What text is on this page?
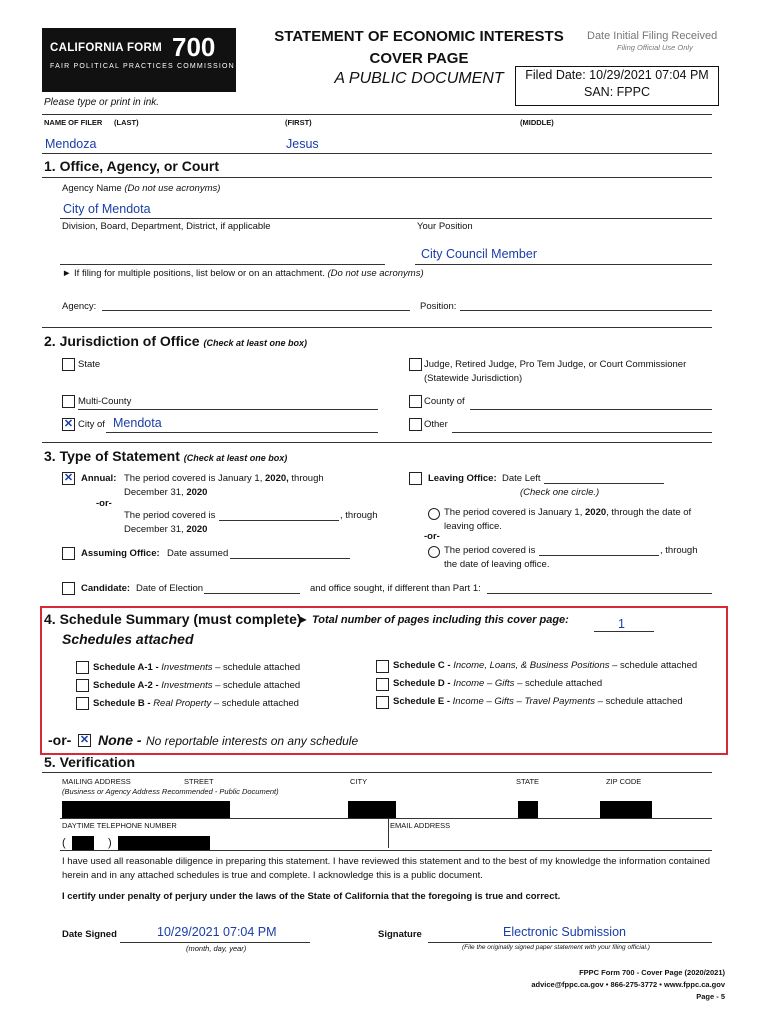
CALIFORNIA FORM 700
FAIR POLITICAL PRACTICES COMMISSION
STATEMENT OF ECONOMIC INTERESTS
COVER PAGE
A PUBLIC DOCUMENT
Date Initial Filing Received
Filing Official Use Only
Filed Date: 10/29/2021 07:04 PM
SAN: FPPC
Please type or print in ink.
NAME OF FILER (LAST)	(FIRST)	(MIDDLE)
Mendoza	Jesus
1. Office, Agency, or Court
Agency Name (Do not use acronyms)
City of Mendota
Division, Board, Department, District, if applicable	Your Position
City Council Member
► If filing for multiple positions, list below or on an attachment. (Do not use acronyms)
Agency:	Position:
2. Jurisdiction of Office (Check at least one box)
State	Judge, Retired Judge, Pro Tem Judge, or Court Commissioner
(Statewide Jurisdiction)
Multi-County	County of
✕ City of Mendota	Other
3. Type of Statement (Check at least one box)
✕ Annual: The period covered is January 1, 2020, through
December 31, 2020
-or-
The period covered is	, through
December 31, 2020
Leaving Office: Date Left
(Check one circle.)
The period covered is January 1, 2020, through the date of
leaving office.
-or-
The period covered is	, through
the date of leaving office.
Assuming Office: Date assumed
Candidate: Date of Election	and office sought, if different than Part 1:
4. Schedule Summary (must complete)
► Total number of pages including this cover page:	1
Schedules attached
Schedule A-1 - Investments – schedule attached
Schedule A-2 - Investments – schedule attached
Schedule B - Real Property – schedule attached
Schedule C - Income, Loans, & Business Positions – schedule attached
Schedule D - Income – Gifts – schedule attached
Schedule E - Income – Gifts – Travel Payments – schedule attached
-or- ✕ None - No reportable interests on any schedule
5. Verification
MAILING ADDRESS	STREET	CITY	STATE	ZIP CODE
(Business or Agency Address Recommended - Public Document)
DAYTIME TELEPHONE NUMBER	EMAIL ADDRESS
(	)
I have used all reasonable diligence in preparing this statement. I have reviewed this statement and to the best of my knowledge the information contained
herein and in any attached schedules is true and complete. I acknowledge this is a public document.
I certify under penalty of perjury under the laws of the State of California that the foregoing is true and correct.
Date Signed	10/29/2021 07:04 PM
(month, day, year)
Signature	Electronic Submission
(File the originally signed paper statement with your filing official.)
FPPC Form 700 - Cover Page (2020/2021)
advice@fppc.ca.gov • 866-275-3772 • www.fppc.ca.gov
Page - 5
